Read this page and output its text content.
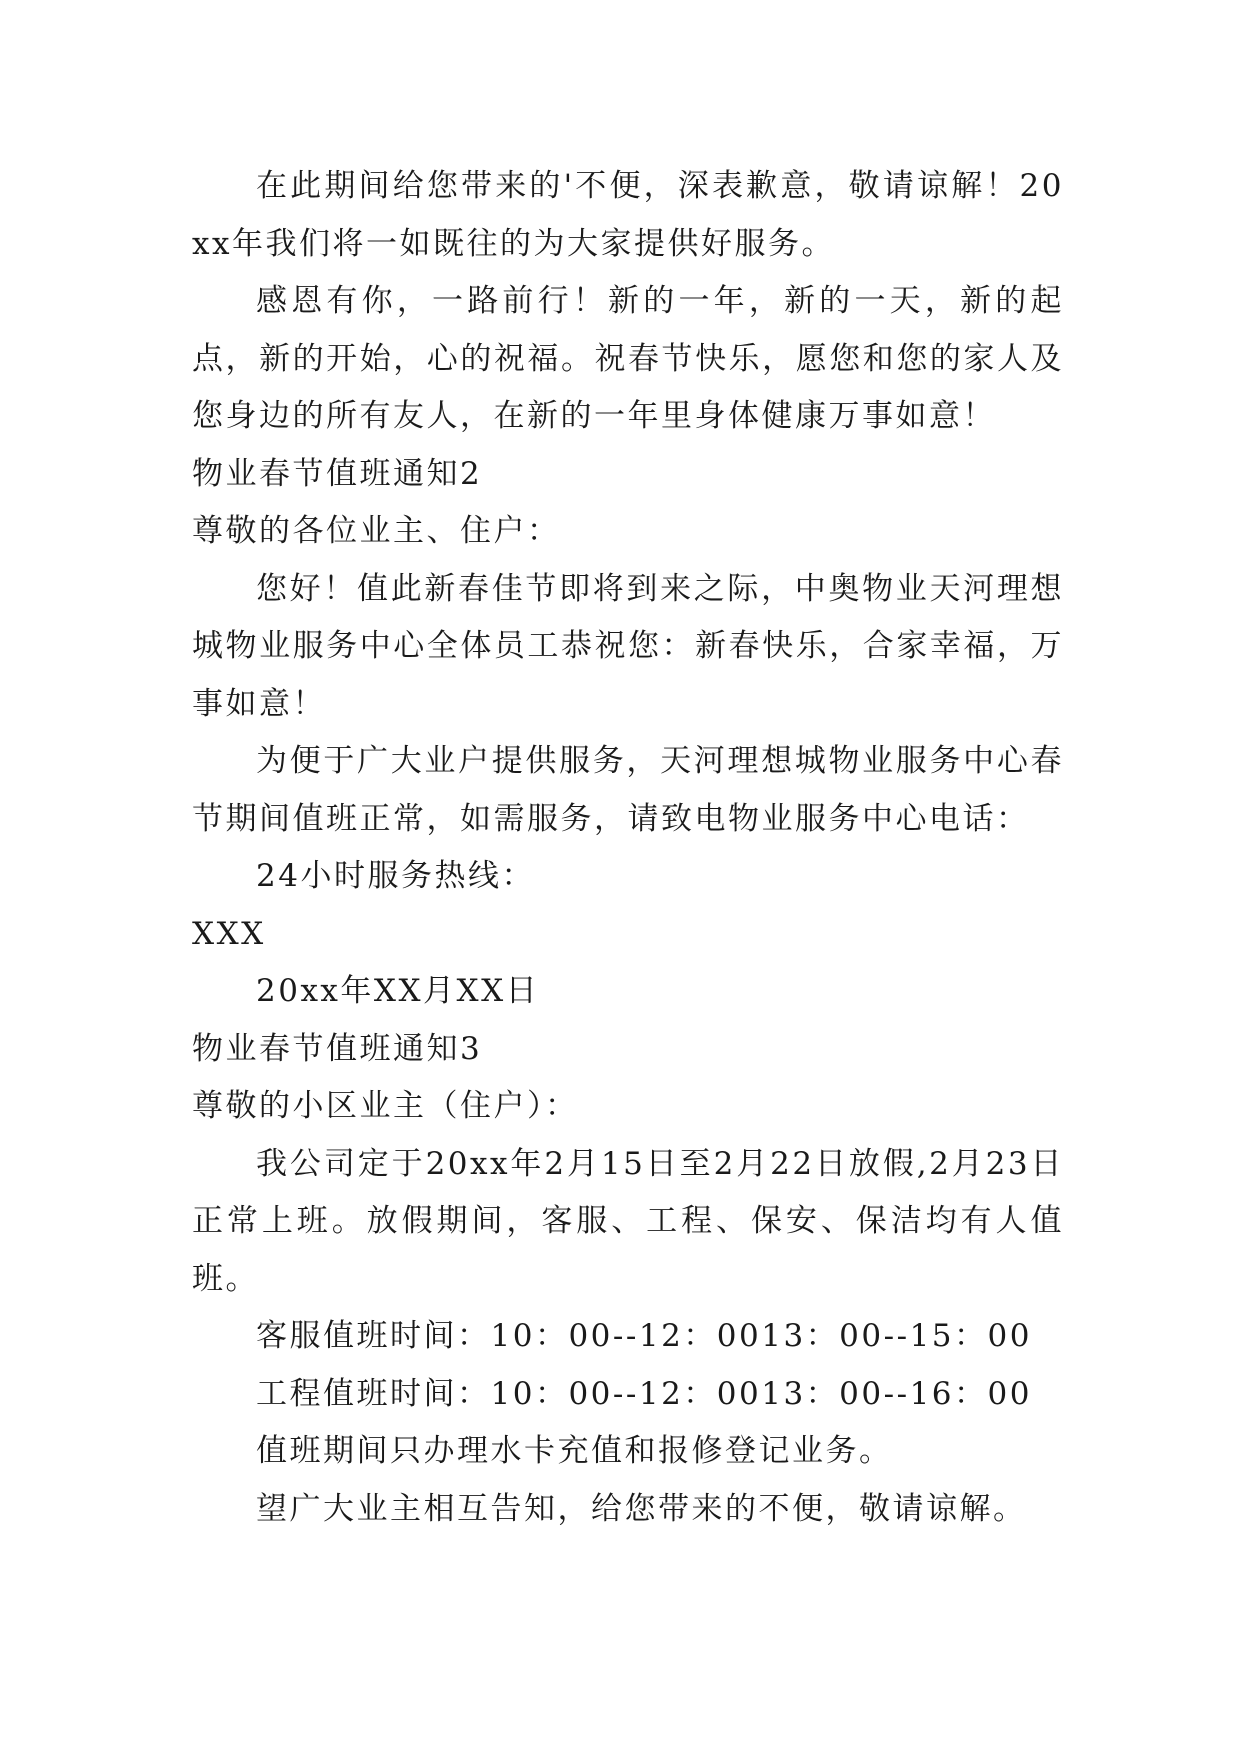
在此期间给您带来的'不便，深表歉意，敬请谅解！20xx年我们将一如既往的为大家提供好服务。

感恩有你，一路前行！新的一年，新的一天，新的起点，新的开始，心的祝福。祝春节快乐，愿您和您的家人及您身边的所有友人，在新的一年里身体健康万事如意！

物业春节值班通知2

尊敬的各位业主、住户：

您好！值此新春佳节即将到来之际，中奥物业天河理想城物业服务中心全体员工恭祝您：新春快乐，合家幸福，万事如意！

为便于广大业户提供服务，天河理想城物业服务中心春节期间值班正常，如需服务，请致电物业服务中心电话：

24小时服务热线：

XXX

20xx年XX月XX日

物业春节值班通知3

尊敬的小区业主（住户）：

我公司定于20xx年2月15日至2月22日放假,2月23日正常上班。放假期间，客服、工程、保安、保洁均有人值班。

客服值班时间：10：00--12：0013：00--15：00

工程值班时间：10：00--12：0013：00--16：00

值班期间只办理水卡充值和报修登记业务。

望广大业主相互告知，给您带来的不便，敬请谅解。
